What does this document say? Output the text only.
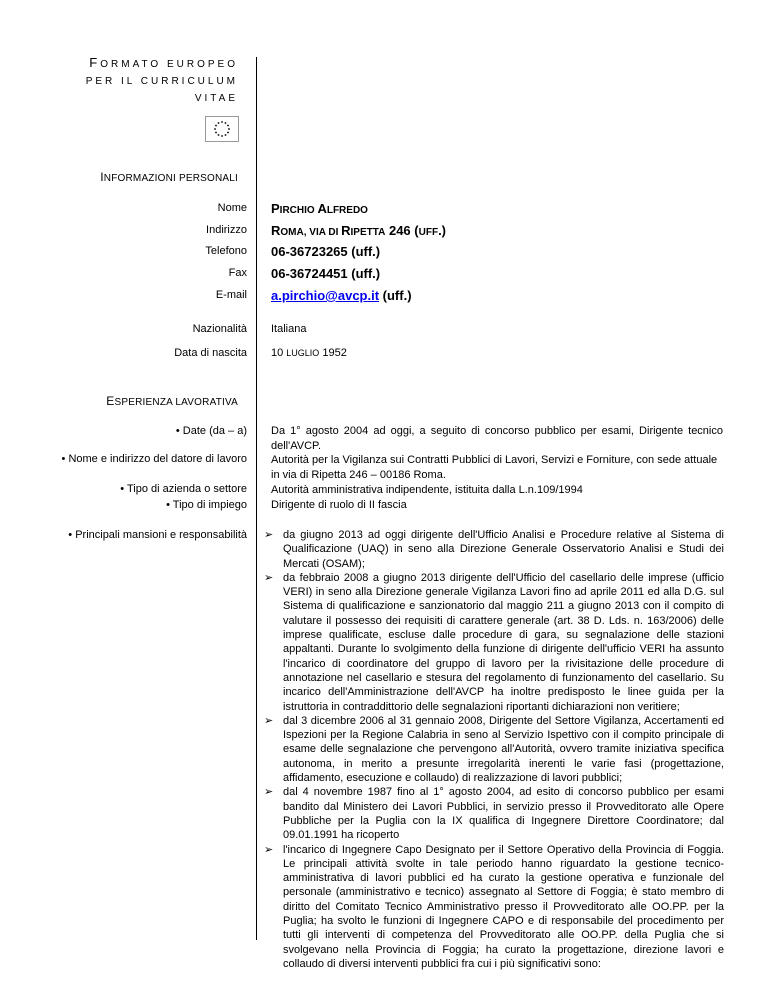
FORMATO EUROPEO
PER IL CURRICULUM
VITAE
INFORMAZIONI PERSONALI
Nome PIRCHIO ALFREDO
Indirizzo ROMA, VIA DI RIPETTA 246 (UFF.)
Telefono 06-36723265 (uff.)
Fax 06-36724451 (uff.)
E-mail a.pirchio@avcp.it (uff.)
Nazionalità Italiana
Data di nascita 10 LUGLIO 1952
ESPERIENZA LAVORATIVA
• Date (da – a)
• Nome e indirizzo del datore di lavoro
• Tipo di azienda o settore
• Tipo di impiego
• Principali mansioni e responsabilità
Da 1° agosto 2004 ad oggi, a seguito di concorso pubblico per esami, Dirigente tecnico dell'AVCP.
Autorità per la Vigilanza sui Contratti Pubblici di Lavori, Servizi e Forniture, con sede attuale in via di Ripetta 246 – 00186 Roma.
Autorità amministrativa indipendente, istituita dalla L.n.109/1994
Dirigente di ruolo di II fascia
➢ da giugno 2013 ad oggi dirigente dell'Ufficio Analisi e Procedure relative al Sistema di Qualificazione (UAQ) in seno alla Direzione Generale Osservatorio Analisi e Studi dei Mercati (OSAM);
➢ da febbraio 2008 a giugno 2013 dirigente dell'Ufficio del casellario delle imprese (ufficio VERI) in seno alla Direzione generale Vigilanza Lavori fino ad aprile 2011 ed alla D.G. sul Sistema di qualificazione e sanzionatorio dal maggio 211 a giugno 2013 con il compito di valutare il possesso dei requisiti di carattere generale (art. 38 D. Lds. n. 163/2006) delle imprese qualificate, escluse dalle procedure di gara, su segnalazione delle stazioni appaltanti. Durante lo svolgimento della funzione di dirigente dell'ufficio VERI ha assunto l'incarico di coordinatore del gruppo di lavoro per la rivisitazione delle procedure di annotazione nel casellario e stesura del regolamento di funzionamento del casellario. Su incarico dell'Amministrazione dell'AVCP ha inoltre predisposto le linee guida per la istruttoria in contraddittorio delle segnalazioni riportanti dichiarazioni non veritiere;
➢ dal 3 dicembre 2006 al 31 gennaio 2008, Dirigente del Settore Vigilanza, Accertamenti ed Ispezioni per la Regione Calabria in seno al Servizio Ispettivo con il compito principale di esame delle segnalazione che pervengono all'Autorità, ovvero tramite iniziativa specifica autonoma, in merito a presunte irregolarità inerenti le varie fasi (progettazione, affidamento, esecuzione e collaudo) di realizzazione di lavori pubblici;
➢ dal 4 novembre 1987 fino al 1° agosto 2004, ad esito di concorso pubblico per esami bandito dal Ministero dei Lavori Pubblici, in servizio presso il Provveditorato alle Opere Pubbliche per la Puglia con la IX qualifica di Ingegnere Direttore Coordinatore; dal 09.01.1991 ha ricoperto
➢ l'incarico di Ingegnere Capo Designato per il Settore Operativo della Provincia di Foggia. Le principali attività svolte in tale periodo hanno riguardato la gestione tecnico-amministrativa di lavori pubblici ed ha curato la gestione operativa e funzionale del personale (amministrativo e tecnico) assegnato al Settore di Foggia; è stato membro di diritto del Comitato Tecnico Amministrativo presso il Provveditorato alle OO.PP. per la Puglia; ha svolto le funzioni di Ingegnere CAPO e di responsabile del procedimento per tutti gli interventi di competenza del Provveditorato alle OO.PP. della Puglia che si svolgevano nella Provincia di Foggia; ha curato la progettazione, direzione lavori e collaudo di diversi interventi pubblici fra cui i più significativi sono:
